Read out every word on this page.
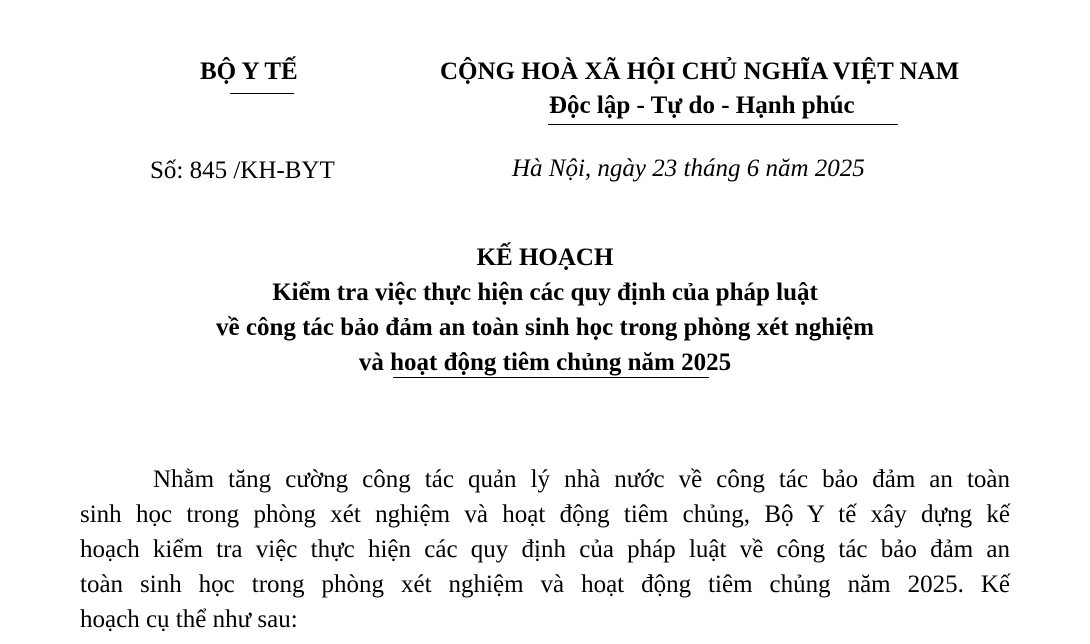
BỘ Y TẾ	CỘNG HOÀ XÃ HỘI CHỦ NGHĨA VIỆT NAM
Độc lập - Tự do - Hạnh phúc
Số: 845 /KH-BYT	Hà Nội, ngày 23 tháng 6 năm 2025
KẾ HOẠCH
Kiểm tra việc thực hiện các quy định của pháp luật
về công tác bảo đảm an toàn sinh học trong phòng xét nghiệm
và hoạt động tiêm chủng năm 2025
Nhằm tăng cường công tác quản lý nhà nước về công tác bảo đảm an toàn
sinh học trong phòng xét nghiệm và hoạt động tiêm chủng, Bộ Y tế xây dựng kế
hoạch kiểm tra việc thực hiện các quy định của pháp luật về công tác bảo đảm an
toàn sinh học trong phòng xét nghiệm và hoạt động tiêm chủng năm 2025. Kế
hoạch cụ thể như sau:
